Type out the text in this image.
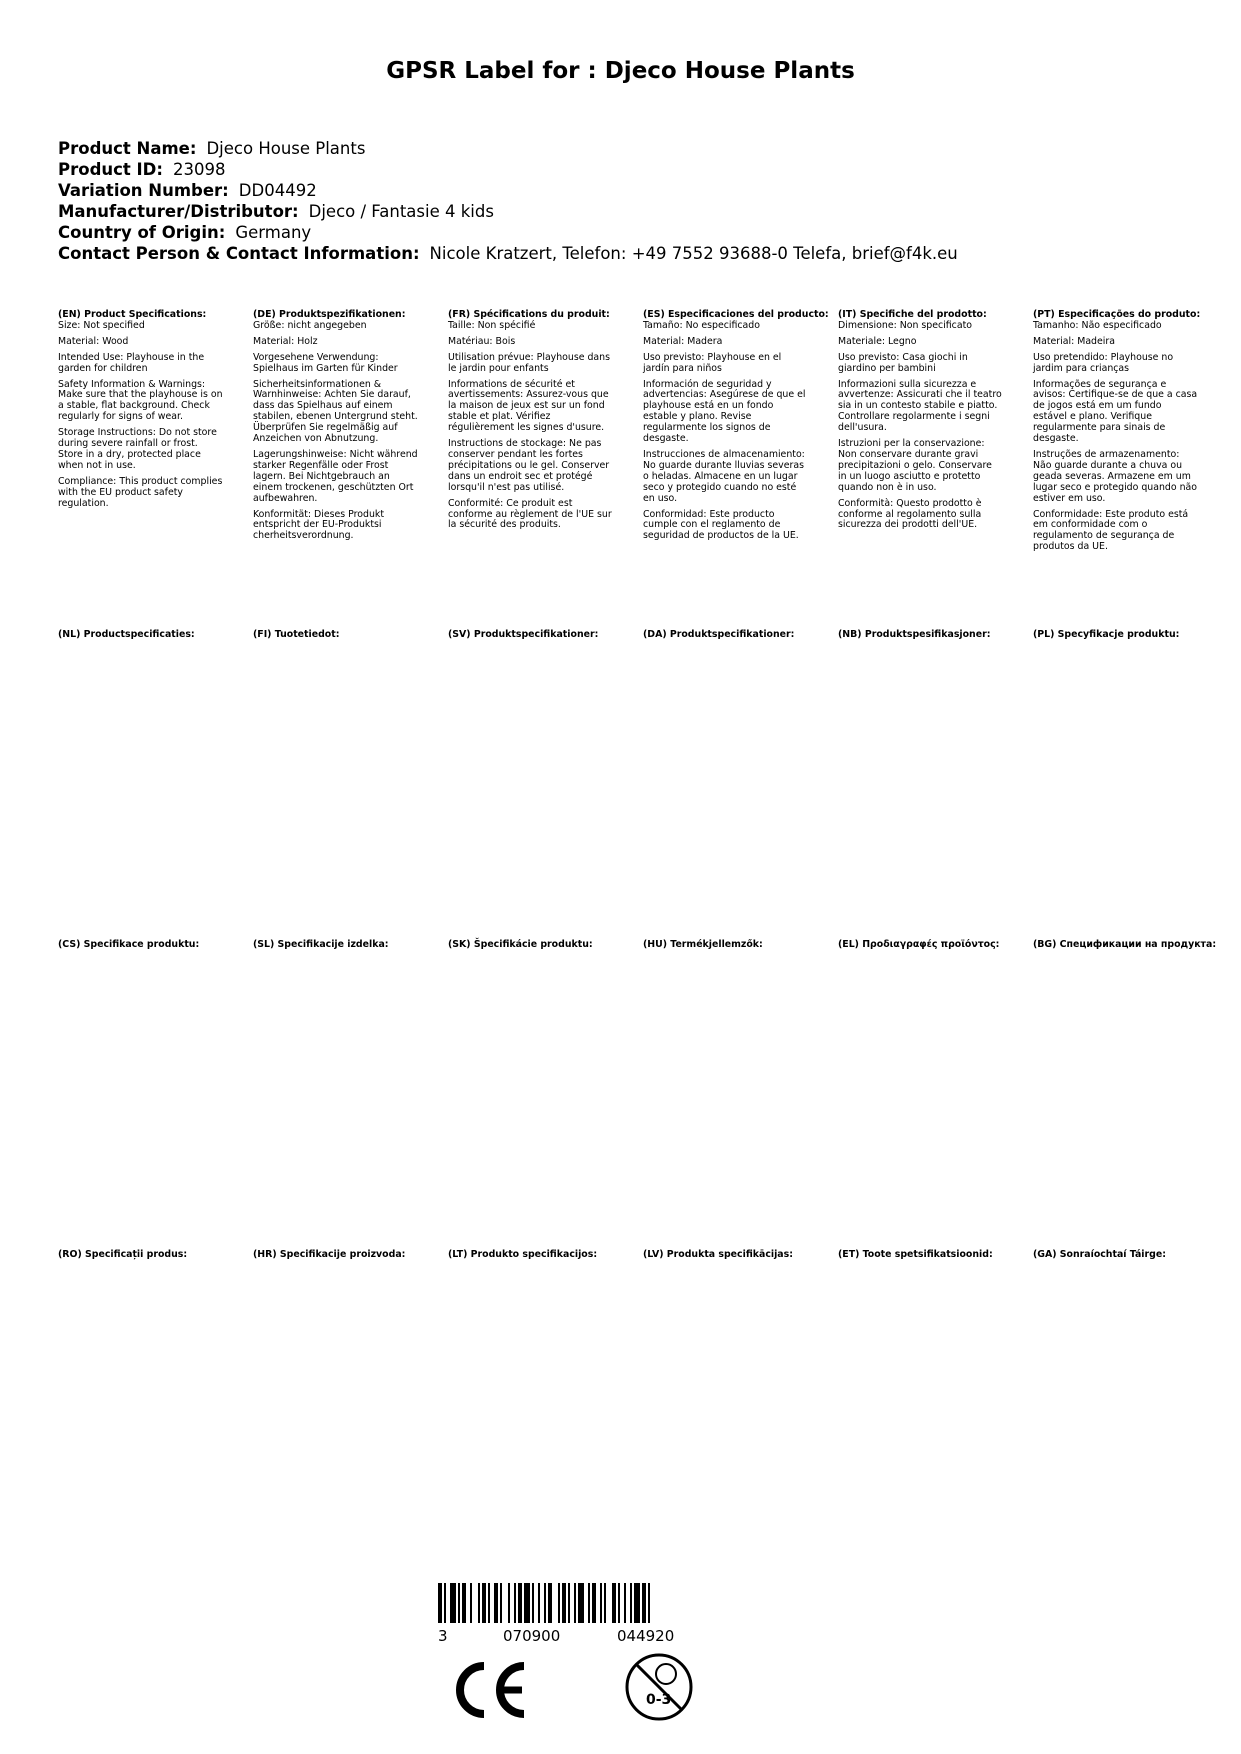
GPSR Label for : Djeco House Plants
Product Name: Djeco House Plants
Product ID: 23098
Variation Number: DD04492
Manufacturer/Distributor: Djeco / Fantasie 4 kids
Country of Origin: Germany
Contact Person & Contact Information: Nicole Kratzert, Telefon: +49 7552 93688-0 Telefa, brief@f4k.eu
(EN) Product Specifications:

Size: Not specified

Material: Wood

Intended Use: Playhouse in the garden for children

Safety Information & Warnings: Make sure that the playhouse is on a stable, flat background. Check regularly for signs of wear.

Storage Instructions: Do not store during severe rainfall or frost. Store in a dry, protected place when not in use.

Compliance: This product complies with the EU product safety regulation.

(DE) Produktspezifikationen:

Größe: nicht angegeben

Material: Holz

Vorgesehene Verwendung: Spielhaus im Garten für Kinder

Sicherheitsinformationen & Warnhinweise: Achten Sie darauf, dass das Spielhaus auf einem stabilen, ebenen Untergrund steht. Überprüfen Sie regelmäßig auf Anzeichen von Abnutzung.

Lagerungshinweise: Nicht während starker Regenfälle oder Frost lagern. Bei Nichtgebrauch an einem trockenen, geschützten Ort aufbewahren.

Konformität: Dieses Produkt entspricht der EU-Produktsi cherheitsverordnung.

(FR) Spécifications du produit:

Taille: Non spécifié

Matériau: Bois

Utilisation prévue: Playhouse dans le jardin pour enfants

Informations de sécurité et avertissements: Assurez-vous que la maison de jeux est sur un fond stable et plat. Vérifiez régulièrement les signes d'usure.

Instructions de stockage: Ne pas conserver pendant les fortes précipitations ou le gel. Conserver dans un endroit sec et protégé lorsqu'il n'est pas utilisé.

Conformité: Ce produit est conforme au règlement de l'UE sur la sécurité des produits.

(ES) Especificaciones del producto:

Tamaño: No especificado

Material: Madera

Uso previsto: Playhouse en el jardín para niños

Información de seguridad y advertencias: Asegúrese de que el playhouse está en un fondo estable y plano. Revise regularmente los signos de desgaste.

Instrucciones de almacenamiento: No guarde durante lluvias severas o heladas. Almacene en un lugar seco y protegido cuando no esté en uso.

Conformidad: Este producto cumple con el reglamento de seguridad de productos de la UE.

(IT) Specifiche del prodotto:

Dimensione: Non specificato

Materiale: Legno

Uso previsto: Casa giochi in giardino per bambini

Informazioni sulla sicurezza e avvertenze: Assicurati che il teatro sia in un contesto stabile e piatto. Controllare regolarmente i segni dell'usura.

Istruzioni per la conservazione: Non conservare durante gravi precipitazioni o gelo. Conservare in un luogo asciutto e protetto quando non è in uso.

Conformità: Questo prodotto è conforme al regolamento sulla sicurezza dei prodotti dell'UE.

(PT) Especificações do produto:

Tamanho: Não especificado

Material: Madeira

Uso pretendido: Playhouse no jardim para crianças

Informações de segurança e avisos: Certifique-se de que a casa de jogos está em um fundo estável e plano. Verifique regularmente para sinais de desgaste.

Instruções de armazenamento: Não guarde durante a chuva ou geada severas. Armazene em um lugar seco e protegido quando não estiver em uso.

Conformidade: Este produto está em conformidade com o regulamento de segurança de produtos da UE.

(NL) Productspecificaties:	(FI) Tuotetiedot:	(SV) Produktspecifikationer:	(DA) Produktspecifikationer:	(NB) Produktspesifikasjoner:	(PL) Specyfikacje produktu:
(CS) Specifikace produktu:	(SL) Specifikacije izdelka:	(SK) Špecifikácie produktu:	(HU) Termékjellemzők:	(EL) Προδιαγραφές προϊόντος:	(BG) Спецификации на продукта:
(RO) Specificații produs:	(HR) Specifikacije proizvoda:	(LT) Produkto specifikacijos:	(LV) Produkta specifikācijas:	(ET) Toote spetsifikatsioonid:	(GA) Sonraíochtaí Táirge:
3	070900	044920
0-3
